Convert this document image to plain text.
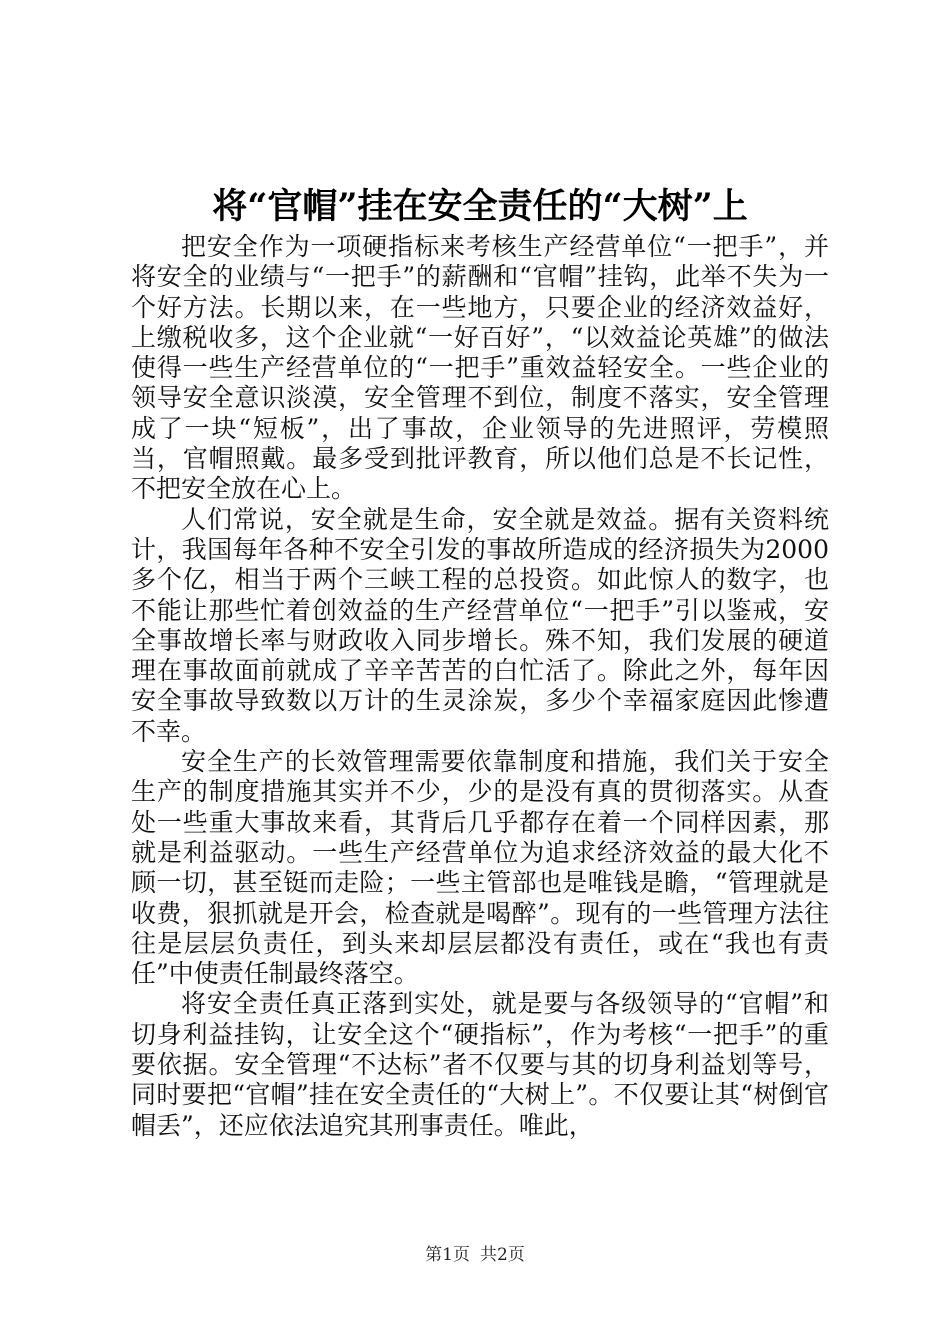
将“官帽”挂在安全责任的“大树”上

把安全作为一项硬指标来考核生产经营单位“一把手”，并将安全的业绩与“一把手”的薪酬和“官帽”挂钩，此举不失为一个好方法。长期以来，在一些地方，只要企业的经济效益好，上缴税收多，这个企业就“一好百好”，“以效益论英雄”的做法使得一些生产经营单位的“一把手”重效益轻安全。一些企业的领导安全意识淡漠，安全管理不到位，制度不落实，安全管理成了一块“短板”，出了事故，企业领导的先进照评，劳模照当，官帽照戴。最多受到批评教育，所以他们总是不长记性，不把安全放在心上。

人们常说，安全就是生命，安全就是效益。据有关资料统计，我国每年各种不安全引发的事故所造成的经济损失为2000多个亿，相当于两个三峡工程的总投资。如此惊人的数字，也不能让那些忙着创效益的生产经营单位“一把手”引以鉴戒，安全事故增长率与财政收入同步增长。殊不知，我们发展的硬道理在事故面前就成了辛辛苦苦的白忙活了。除此之外，每年因安全事故导致数以万计的生灵涂炭，多少个幸福家庭因此惨遭不幸。

安全生产的长效管理需要依靠制度和措施，我们关于安全生产的制度措施其实并不少，少的是没有真的贯彻落实。从查处一些重大事故来看，其背后几乎都存在着一个同样因素，那就是利益驱动。一些生产经营单位为追求经济效益的最大化不顾一切，甚至铤而走险；一些主管部也是唯钱是瞻，“管理就是收费，狠抓就是开会，检查就是喝醉”。现有的一些管理方法往往是层层负责任，到头来却层层都没有责任，或在“我也有责任”中使责任制最终落空。

将安全责任真正落到实处，就是要与各级领导的“官帽”和切身利益挂钩，让安全这个“硬指标”，作为考核“一把手”的重要依据。安全管理“不达标”者不仅要与其的切身利益划等号，同时要把“官帽”挂在安全责任的“大树上”。不仅要让其“树倒官帽丢”，还应依法追究其刑事责任。唯此，

第1页 共2页
